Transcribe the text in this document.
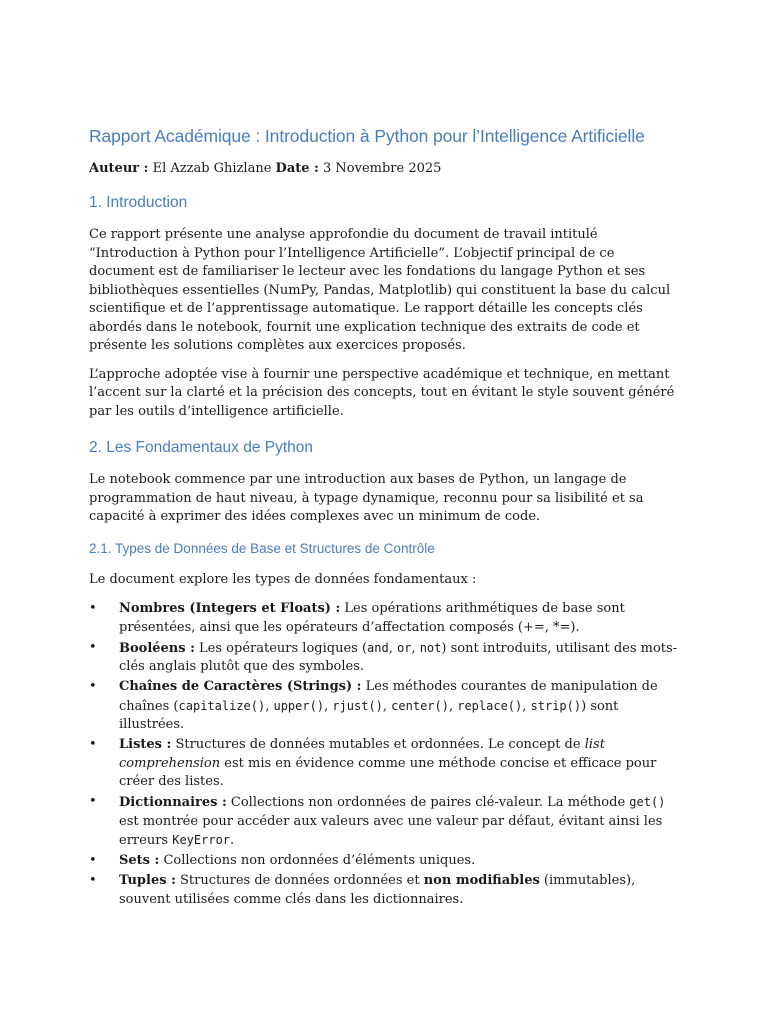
Rapport Académique : Introduction à Python pour l’Intelligence Artificielle

Auteur : El Azzab Ghizlane Date : 3 Novembre 2025

1. Introduction

Ce rapport présente une analyse approfondie du document de travail intitulé “Introduction à Python pour l’Intelligence Artificielle”. L’objectif principal de ce document est de familiariser le lecteur avec les fondations du langage Python et ses bibliothèques essentielles (NumPy, Pandas, Matplotlib) qui constituent la base du calcul scientifique et de l’apprentissage automatique. Le rapport détaille les concepts clés abordés dans le notebook, fournit une explication technique des extraits de code et présente les solutions complètes aux exercices proposés.

L’approche adoptée vise à fournir une perspective académique et technique, en mettant l’accent sur la clarté et la précision des concepts, tout en évitant le style souvent généré par les outils d’intelligence artificielle.

2. Les Fondamentaux de Python

Le notebook commence par une introduction aux bases de Python, un langage de programmation de haut niveau, à typage dynamique, reconnu pour sa lisibilité et sa capacité à exprimer des idées complexes avec un minimum de code.

2.1. Types de Données de Base et Structures de Contrôle

Le document explore les types de données fondamentaux :

• Nombres (Integers et Floats) : Les opérations arithmétiques de base sont présentées, ainsi que les opérateurs d’affectation composés (+=, *=).
• Booléens : Les opérateurs logiques (and, or, not) sont introduits, utilisant des mots-clés anglais plutôt que des symboles.
• Chaînes de Caractères (Strings) : Les méthodes courantes de manipulation de chaînes (capitalize(), upper(), rjust(), center(), replace(), strip()) sont illustrées.
• Listes : Structures de données mutables et ordonnées. Le concept de list comprehension est mis en évidence comme une méthode concise et efficace pour créer des listes.
• Dictionnaires : Collections non ordonnées de paires clé-valeur. La méthode get() est montrée pour accéder aux valeurs avec une valeur par défaut, évitant ainsi les erreurs KeyError.
• Sets : Collections non ordonnées d’éléments uniques.
• Tuples : Structures de données ordonnées et non modifiables (immutables), souvent utilisées comme clés dans les dictionnaires.
